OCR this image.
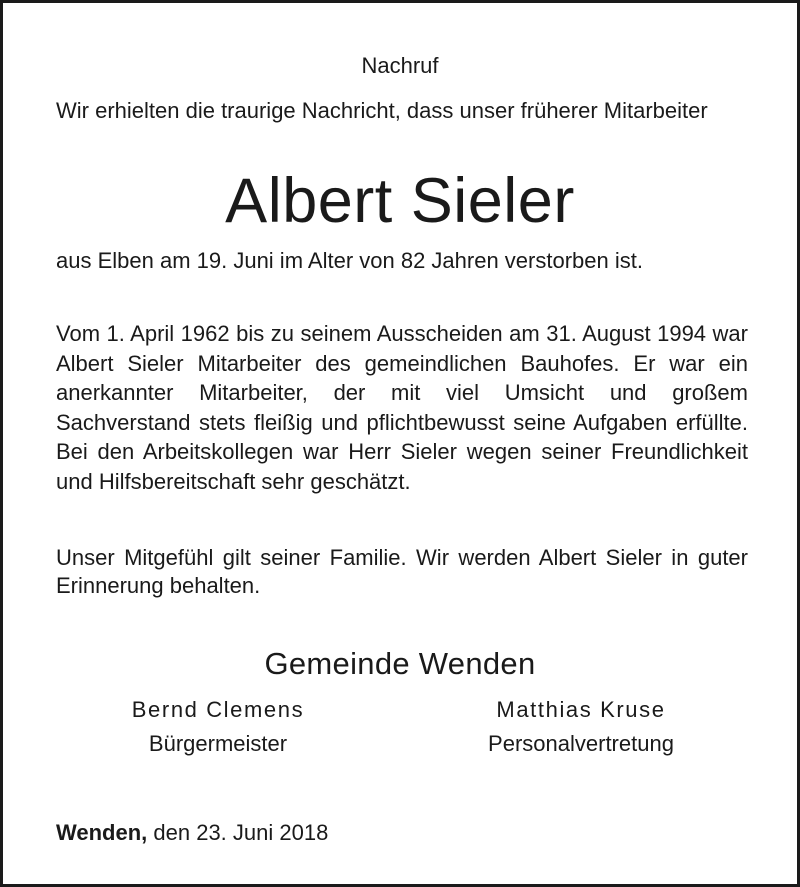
Nachruf
Wir erhielten die traurige Nachricht, dass unser früherer Mitarbeiter
Albert Sieler
aus Elben am 19. Juni im Alter von 82 Jahren verstorben ist.
Vom 1. April 1962 bis zu seinem Ausscheiden am 31. August 1994 war Albert Sieler Mitarbeiter des gemeindlichen Bauhofes. Er war ein anerkannter Mitarbeiter, der mit viel Umsicht und großem Sachverstand stets fleißig und pflichtbewusst seine Aufgaben erfüllte. Bei den Arbeitskollegen war Herr Sieler wegen seiner Freundlichkeit und Hilfsbereitschaft sehr geschätzt.
Unser Mitgefühl gilt seiner Familie. Wir werden Albert Sieler in guter Erinnerung behalten.
Gemeinde Wenden
Bernd Clemens
Bürgermeister
Matthias Kruse
Personalvertretung
Wenden, den 23. Juni 2018
